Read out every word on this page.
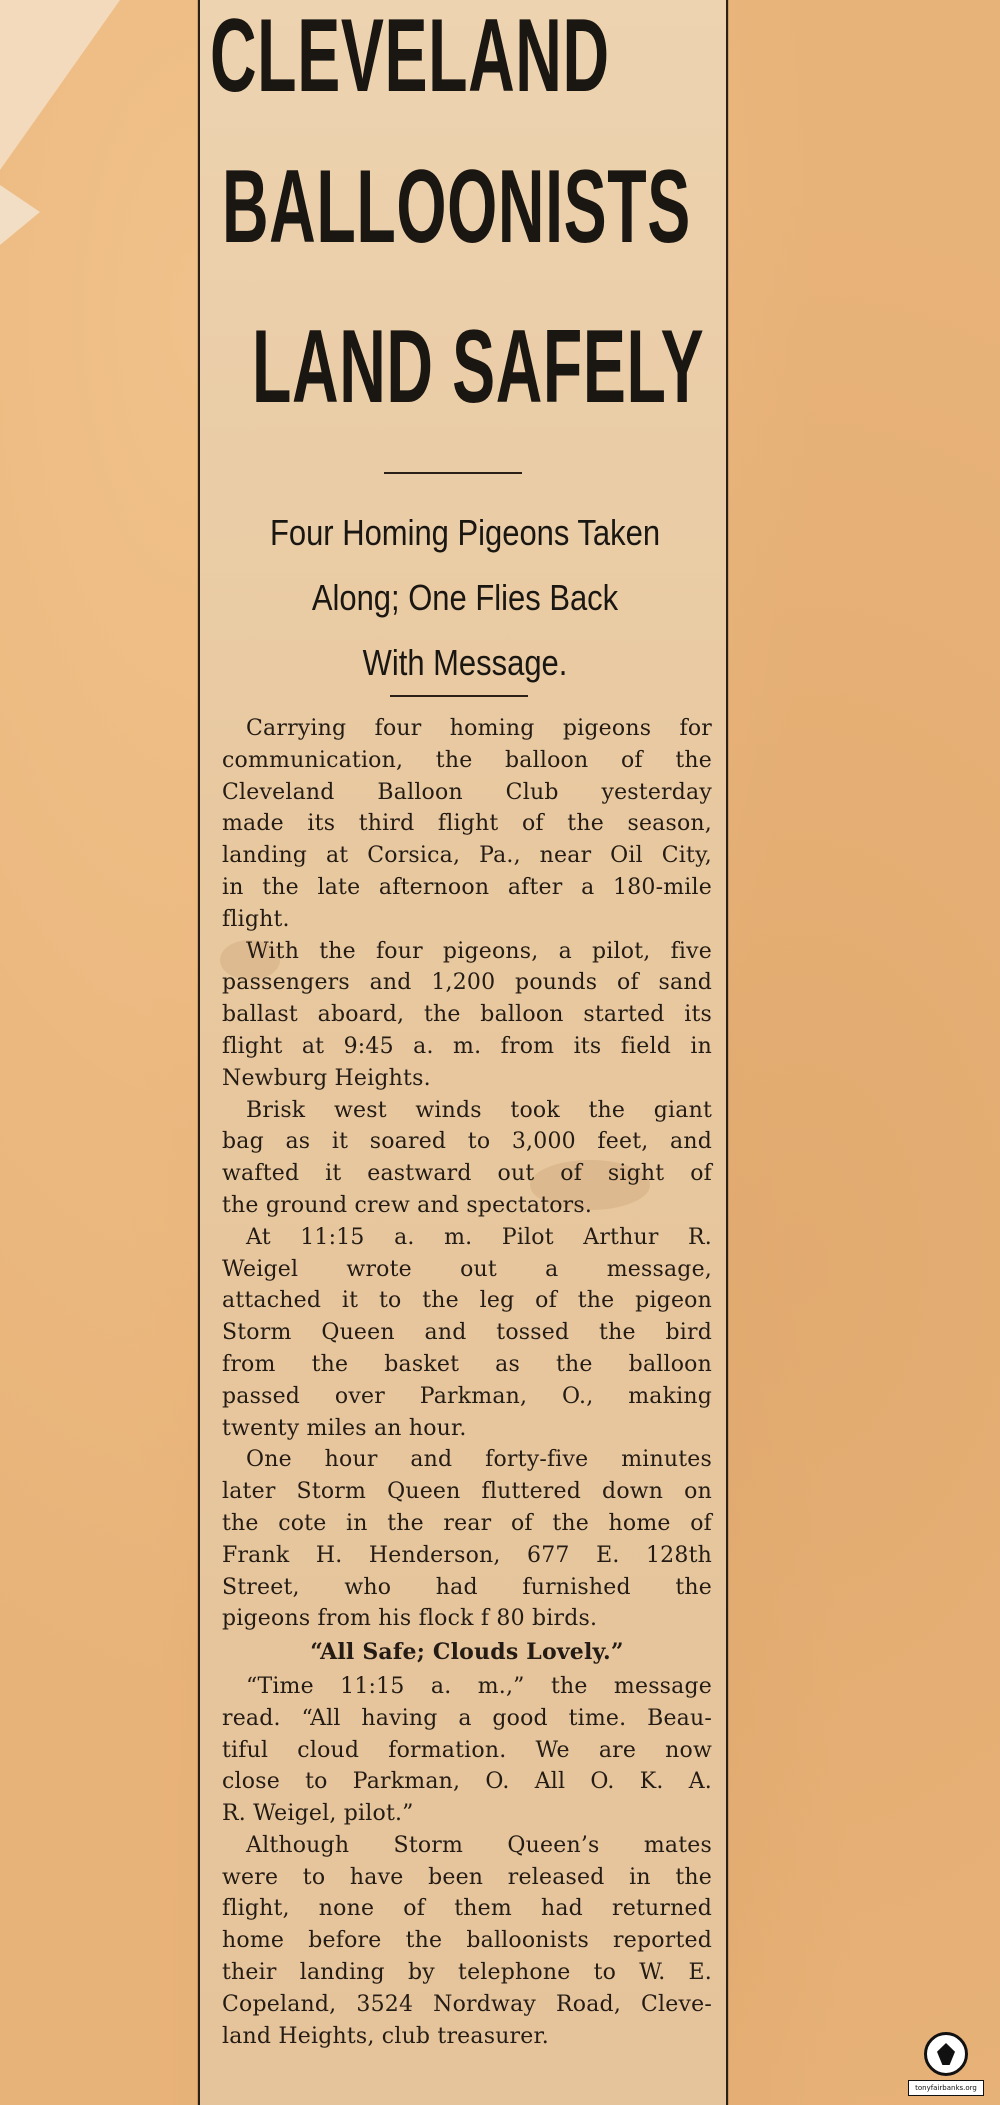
CLEVELAND
BALLOONISTS
LAND SAFELY
Four Homing Pigeons Taken
Along; One Flies Back
With Message.

Carrying four homing pigeons for
communication, the balloon of the
Cleveland Balloon Club yesterday
made its third flight of the season,
landing at Corsica, Pa., near Oil City,
in the late afternoon after a 180-mile
flight.

With the four pigeons, a pilot, five
passengers and 1,200 pounds of sand
ballast aboard, the balloon started its
flight at 9:45 a. m. from its field in
Newburg Heights.

Brisk west winds took the giant
bag as it soared to 3,000 feet, and
wafted it eastward out of sight of
the ground crew and spectators.

At 11:15 a. m. Pilot Arthur R.
Weigel wrote out a message,
attached it to the leg of the pigeon
Storm Queen and tossed the bird
from the basket as the balloon
passed over Parkman, O., making
twenty miles an hour.

One hour and forty-five minutes
later Storm Queen fluttered down on
the cote in the rear of the home of
Frank H. Henderson, 677 E. 128th
Street, who had furnished the
pigeons from his flock f 80 birds.

“All Safe; Clouds Lovely.”

“Time 11:15 a. m.,” the message
read. “All having a good time. Beau-
tiful cloud formation. We are now
close to Parkman, O. All O. K. A.
R. Weigel, pilot.”

Although Storm Queen’s mates
were to have been released in the
flight, none of them had returned
home before the balloonists reported
their landing by telephone to W. E.
Copeland, 3524 Nordway Road, Cleve-
land Heights, club treasurer.

tonyfairbanks.org
